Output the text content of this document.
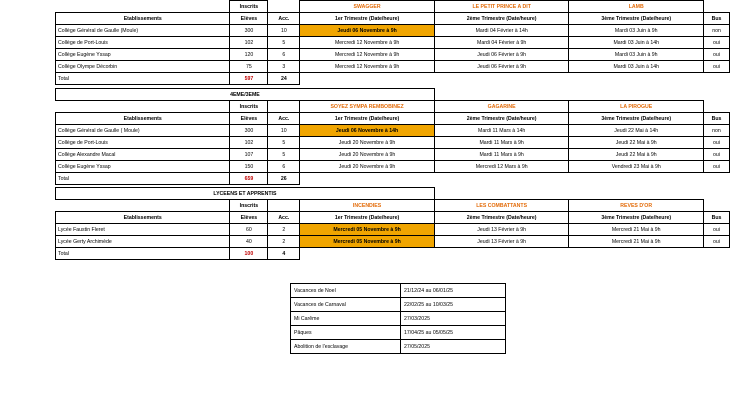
	Inscrits		SWAGGER	LE PETIT PRINCE A DIT	LAMB	
Etablissements	Elèves	Acc.	1er Trimestre (Date/heure)	2ème Trimestre (Date/heure)	3ème Trimestre (Date/heure)	Bus
Collège Général de Gaulle (Moule)	300	10	Jeudi 06 Novembre à 9h	Mardi 04 Février à 14h	Mardi 03 Juin à 9h	non
Collège de Port-Louis	102	5	Mercredi 12 Novembre à 9h	Mardi 04 Février à 9h	Mardi 03 Juin à 14h	oui
Collège Eugène Yssap	120	6	Mercredi 12 Novembre à 9h	Jeudi 06 Février à 9h	Mardi 03 Juin à 9h	oui
Collège Olympe Décorbin	75	3	Mercredi 12 Novembre à 9h	Jeudi 06 Février à 9h	Mardi 03 Juin à 14h	oui
Total	597	24				
4EME/3EME						
	Inscrits		SOYEZ SYMPA REMBOBINEZ	GAGARINE	LA PIROGUE	
Etablissements	Elèves	Acc.	1er Trimestre (Date/heure)	2ème Trimestre (Date/heure)	3ème Trimestre (Date/heure)	Bus
Collège Général de Gaulle ( Moule)	300	10	Jeudi 06 Novembre à 14h	Mardi 11 Mars à 14h	Jeudi 22 Mai à 14h	non
Collège de Port-Louis	102	5	Jeudi 20 Novembre à 9h	Mardi 11 Mars à 9h	Jeudi 22 Mai à 9h	oui
Collège Alexandre Macal	107	5	Jeudi 20 Novembre à 9h	Mardi 11 Mars à 9h	Jeudi 22 Mai à 9h	oui
Collège Eugène Yssap	150	6	Jeudi 20 Novembre à 9h	Mercredi 12 Mars à 9h	Vendredi 23 Mai à 9h	oui
Total	659	26				
LYCEENS ET APPRENTIS						
	Inscrits		INCENDIES	LES COMBATTANTS	REVES D'OR	
Etablissements	Elèves	Acc.	1er Trimestre (Date/heure)	2ème Trimestre (Date/heure)	3ème Trimestre (Date/heure)	Bus
Lycée Faustin Fleret	60	2	Mercredi 05 Novembre à 9h	Jeudi 13 Février à 9h	Mercredi 21 Mai à 9h	oui
Lycée Gerty Archimède	40	2	Mercredi 05 Novembre à 9h	Jeudi 13 Février à 9h	Mercredi 21 Mai à 9h	oui
Total	100	4				
Vacances de Noel	21/12/24 au 06/01/25
Vacances de Carnaval	22/02/25 au 10/03/25
Mi Carême	27/03/2025
Pâques	17/04/25 au 05/05/25
Abolition de l'esclavage	27/05/2025
